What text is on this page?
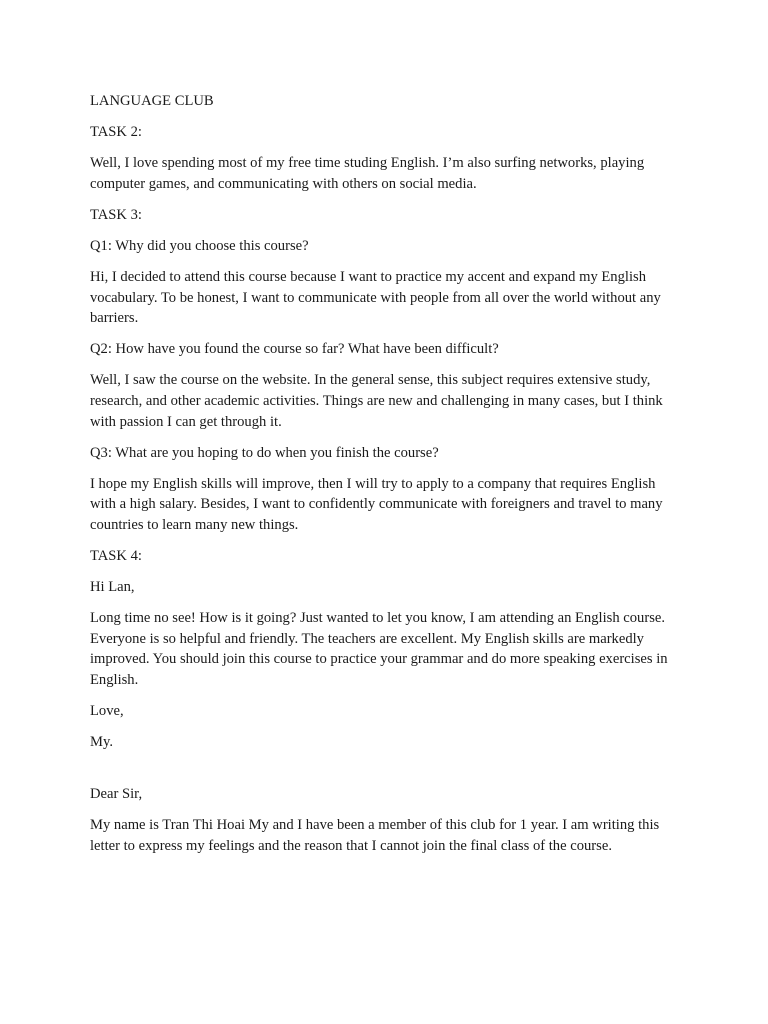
LANGUAGE CLUB

TASK 2:

Well, I love spending most of my free time studing English. I’m also surfing networks, playing computer games, and communicating with others on social media.

TASK 3:

Q1: Why did you choose this course?

Hi, I decided to attend this course because I want to practice my accent and expand my English vocabulary. To be honest, I want to communicate with people from all over the world without any barriers.

Q2: How have you found the course so far? What have been difficult?

Well, I saw the course on the website. In the general sense, this subject requires extensive study, research, and other academic activities. Things are new and challenging in many cases, but I think with passion I can get through it.

Q3: What are you hoping to do when you finish the course?

I hope my English skills will improve, then I will try to apply to a company that requires English with a high salary. Besides, I want to confidently communicate with foreigners and travel to many countries to learn many new things.

TASK 4:

Hi Lan,

Long time no see! How is it going? Just wanted to let you know, I am attending an English course. Everyone is so helpful and friendly. The teachers are excellent. My English skills are markedly improved. You should join this course to practice your grammar and do more speaking exercises in English.

Love,

My.

Dear Sir,

My name is Tran Thi Hoai My and I have been a member of this club for 1 year. I am writing this letter to express my feelings and the reason that I cannot join the final class of the course.
